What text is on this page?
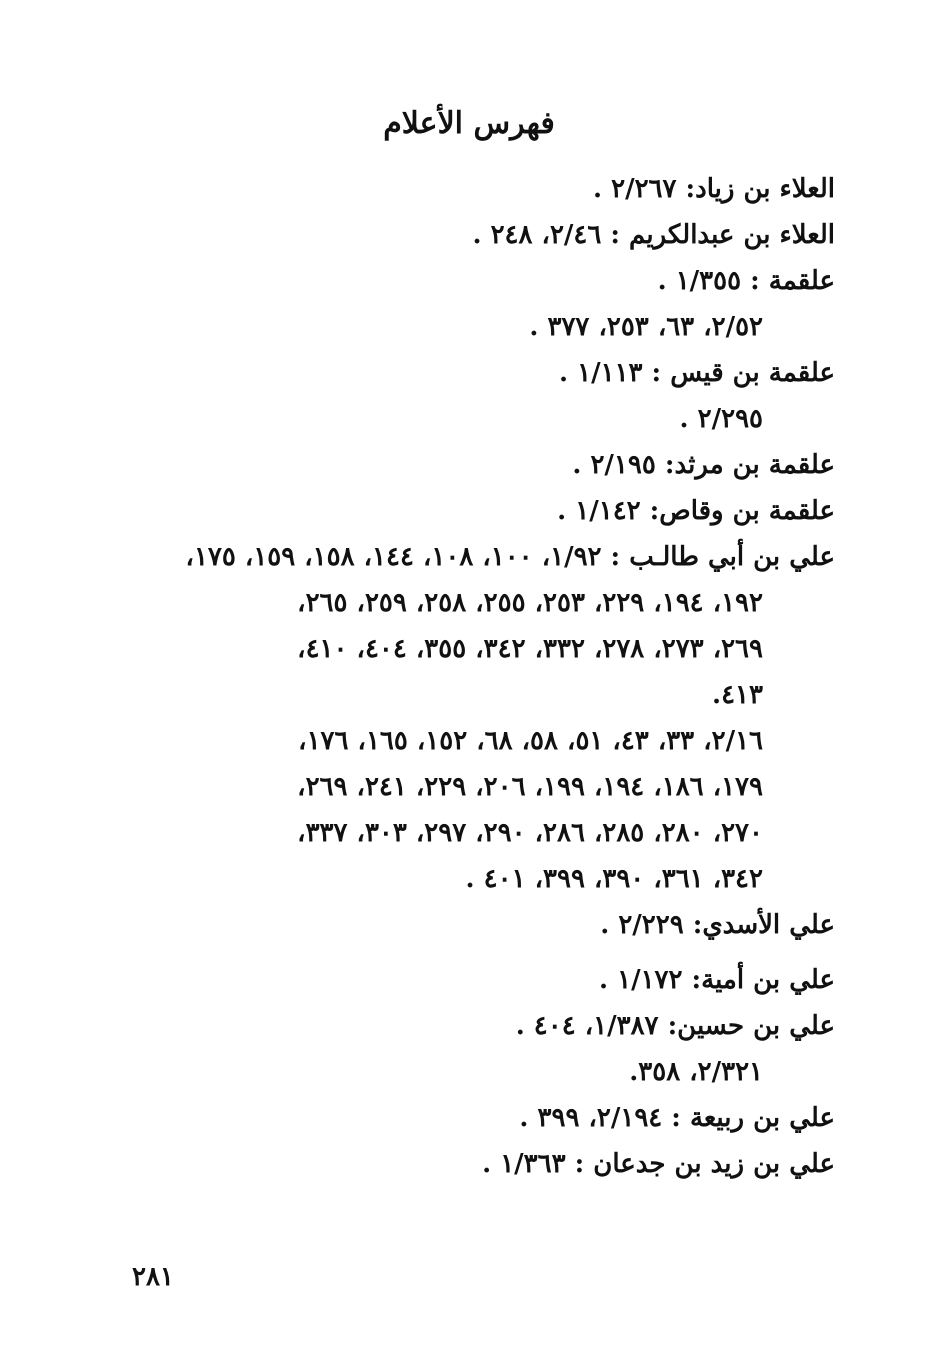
فهرس الأعلام
العلاء بن زياد: ٢/٢٦٧ .
العلاء بن عبدالكريم : ٢/٤٦، ٢٤٨ .
علقمة : ١/٣٥٥ .
٢/٥٢، ٦٣، ٢٥٣، ٣٧٧ .
علقمة بن قيس : ١/١١٣ .
٢/٢٩٥ .
علقمة بن مرثد: ٢/١٩٥ .
علقمة بن وقاص: ١/١٤٢ .
علي بن أبي طالـب : ١/٩٢، ١٠٠، ١٠٨، ١٤٤، ١٥٨، ١٥٩، ١٧٥،
١٩٢، ١٩٤، ٢٢٩، ٢٥٣، ٢٥٥، ٢٥٨، ٢٥٩، ٢٦٥،
٢٦٩، ٢٧٣، ٢٧٨، ٣٣٢، ٣٤٢، ٣٥٥، ٤٠٤، ٤١٠،
٤١٣.
٢/١٦، ٣٣، ٤٣، ٥١، ٥٨، ٦٨، ١٥٢، ١٦٥، ١٧٦،
١٧٩، ١٨٦، ١٩٤، ١٩٩، ٢٠٦، ٢٢٩، ٢٤١، ٢٦٩،
٢٧٠، ٢٨٠، ٢٨٥، ٢٨٦، ٢٩٠، ٢٩٧، ٣٠٣، ٣٣٧،
٣٤٢، ٣٦١، ٣٩٠، ٣٩٩، ٤٠١ .
علي الأسدي: ٢/٢٢٩ .
علي بن أمية: ١/١٧٢ .
علي بن حسين: ١/٣٨٧، ٤٠٤ .
٢/٣٢١، ٣٥٨.
علي بن ربيعة : ٢/١٩٤، ٣٩٩ .
علي بن زيد بن جدعان : ١/٣٦٣ .
٢٨١
